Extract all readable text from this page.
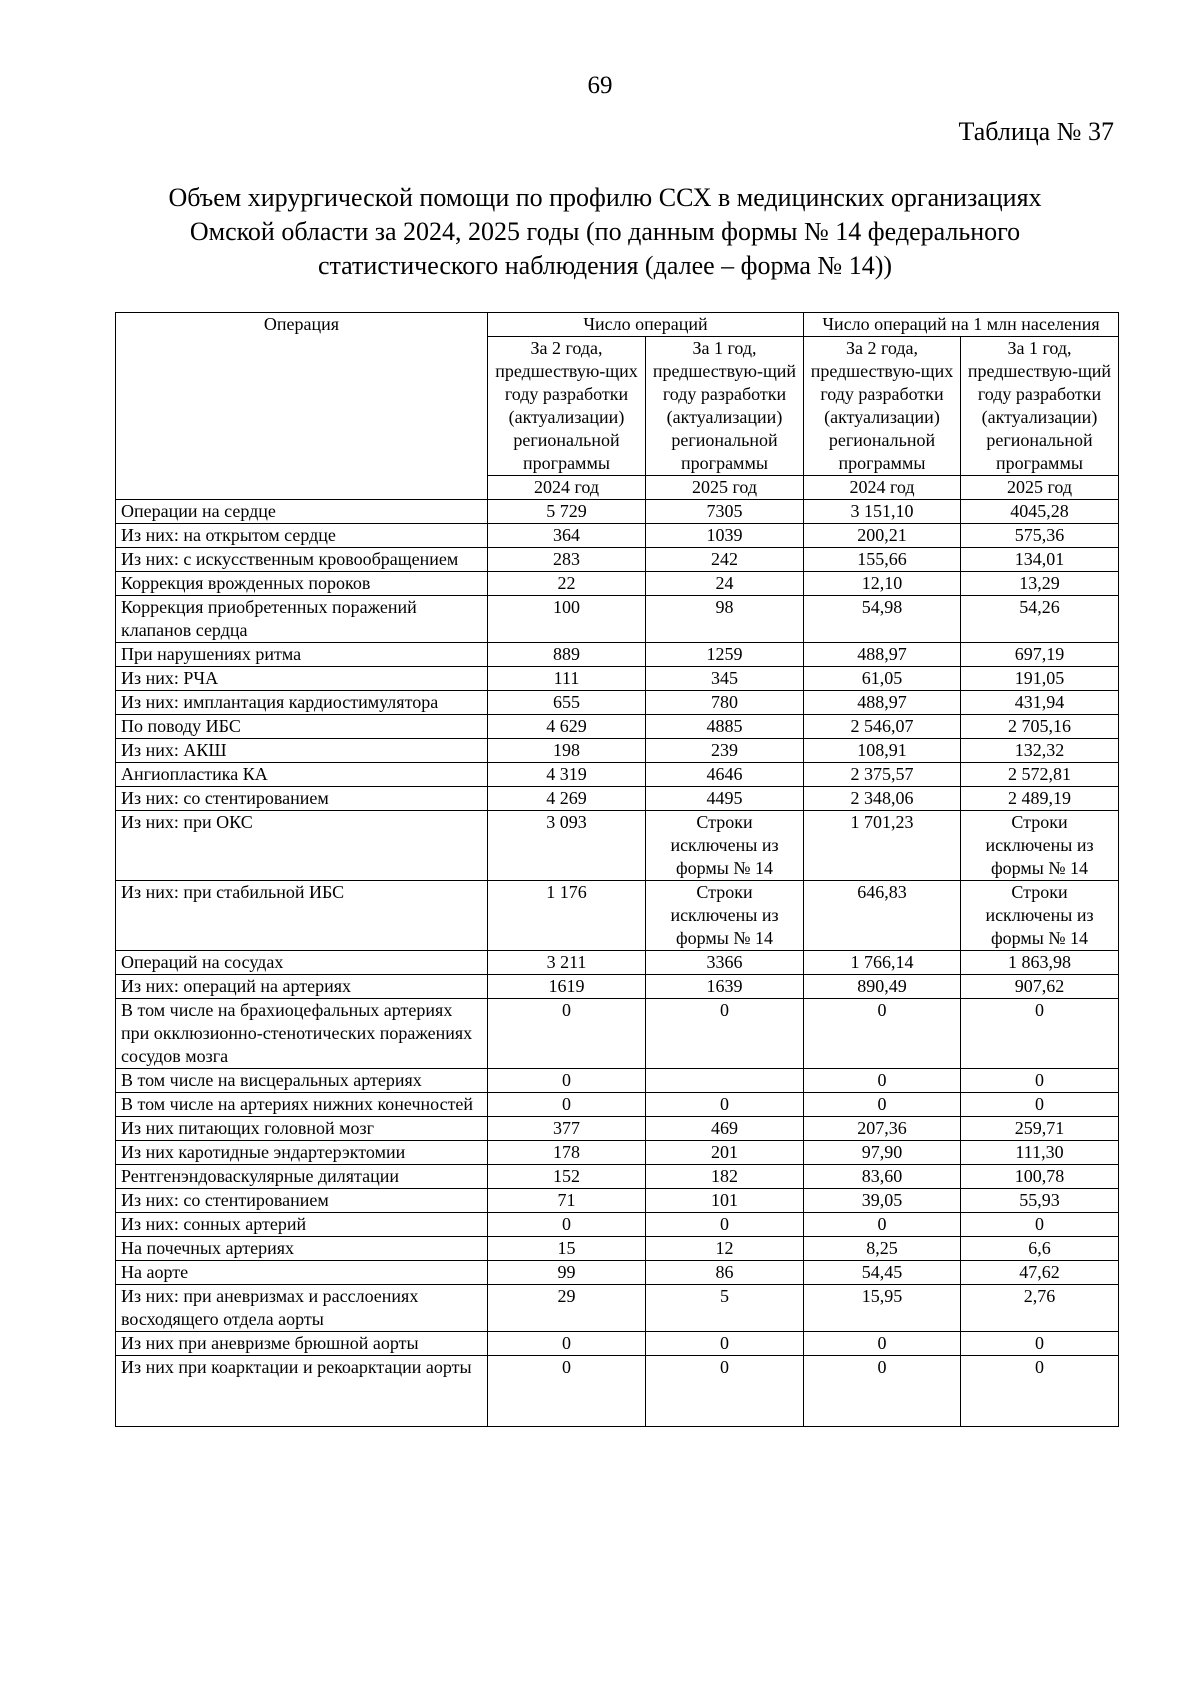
69
Таблица № 37
Объем хирургической помощи по профилю ССХ в медицинских организациях
Омской области за 2024, 2025 годы (по данным формы № 14 федерального
статистического наблюдения (далее – форма № 14))
Операция	Число операций		Число операций на 1 млн населения	
	За 2 года, предшествую-щих году разработки (актуализации) региональной программы	За 1 год, предшествую-щий году разработки (актуализации) региональной программы	За 2 года, предшествую-щих году разработки (актуализации) региональной программы	За 1 год, предшествую-щий году разработки (актуализации) региональной программы
	2024 год	2025 год	2024 год	2025 год
Операции на сердце	5 729	7305	3 151,10	4045,28
Из них: на открытом сердце	364	1039	200,21	575,36
Из них: с искусственным кровообращением	283	242	155,66	134,01
Коррекция врожденных пороков	22	24	12,10	13,29
Коррекция приобретенных поражений клапанов сердца	100	98	54,98	54,26
При нарушениях ритма	889	1259	488,97	697,19
Из них: РЧА	111	345	61,05	191,05
Из них: имплантация кардиостимулятора	655	780	488,97	431,94
По поводу ИБС	4 629	4885	2 546,07	2 705,16
Из них: АКШ	198	239	108,91	132,32
Ангиопластика КА	4 319	4646	2 375,57	2 572,81
Из них: со стентированием	4 269	4495	2 348,06	2 489,19
Из них: при ОКС	3 093	Строки исключены из формы № 14	1 701,23	Строки исключены из формы № 14
Из них: при стабильной ИБС	1 176	Строки исключены из формы № 14	646,83	Строки исключены из формы № 14
Операций на сосудах	3 211	3366	1 766,14	1 863,98
Из них: операций на артериях	1619	1639	890,49	907,62
В том числе на брахиоцефальных артериях при окклюзионно-стенотических поражениях сосудов мозга	0	0	0	0
В том числе на висцеральных артериях	0		0	0
В том числе на артериях нижних конечностей	0	0	0	0
Из них питающих головной мозг	377	469	207,36	259,71
Из них каротидные эндартерэктомии	178	201	97,90	111,30
Рентгенэндоваскулярные дилятации	152	182	83,60	100,78
Из них: со стентированием	71	101	39,05	55,93
Из них: сонных артерий	0	0	0	0
На почечных артериях	15	12	8,25	6,6
На аорте	99	86	54,45	47,62
Из них: при аневризмах и расслоениях восходящего отдела аорты	29	5	15,95	2,76
Из них при аневризме брюшной аорты	0	0	0	0
Из них при коарктации и рекоарктации аорты	0	0	0	0
